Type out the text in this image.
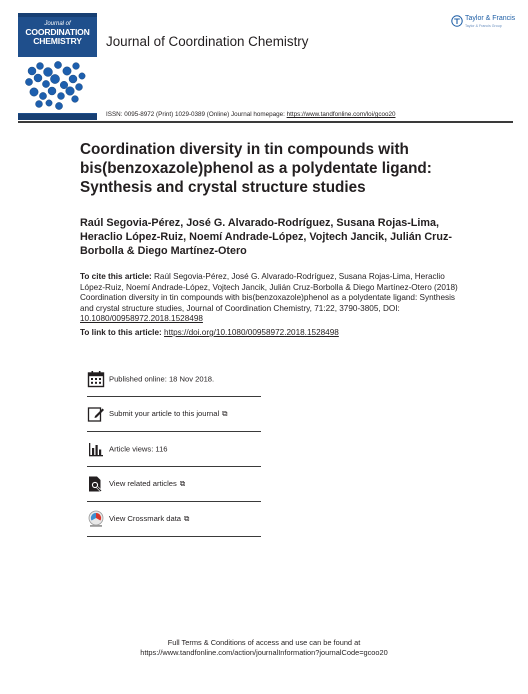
Journal of
COORDINATION
CHEMISTRY	Journal of Coordination Chemistry
Taylor & Francis
Taylor & Francis Group
ISSN: 0095-8972 (Print) 1029-0389 (Online) Journal homepage: https://www.tandfonline.com/loi/gcoo20
Coordination diversity in tin compounds with bis(benzoxazole)phenol as a polydentate ligand: Synthesis and crystal structure studies
Raúl Segovia-Pérez, José G. Alvarado-Rodríguez, Susana Rojas-Lima, Heraclio López-Ruiz, Noemí Andrade-López, Vojtech Jancik, Julián Cruz-Borbolla & Diego Martínez-Otero
To cite this article: Raúl Segovia-Pérez, José G. Alvarado-Rodríguez, Susana Rojas-Lima, Heraclio López-Ruiz, Noemí Andrade-López, Vojtech Jancik, Julián Cruz-Borbolla & Diego Martínez-Otero (2018) Coordination diversity in tin compounds with bis(benzoxazole)phenol as a polydentate ligand: Synthesis and crystal structure studies, Journal of Coordination Chemistry, 71:22, 3790-3805, DOI: 10.1080/00958972.2018.1528498
To link to this article: https://doi.org/10.1080/00958972.2018.1528498
Published online: 18 Nov 2018.
Submit your article to this journal ⧉
Article views: 116
View related articles ⧉
View Crossmark data ⧉
Full Terms & Conditions of access and use can be found at
https://www.tandfonline.com/action/journalInformation?journalCode=gcoo20
